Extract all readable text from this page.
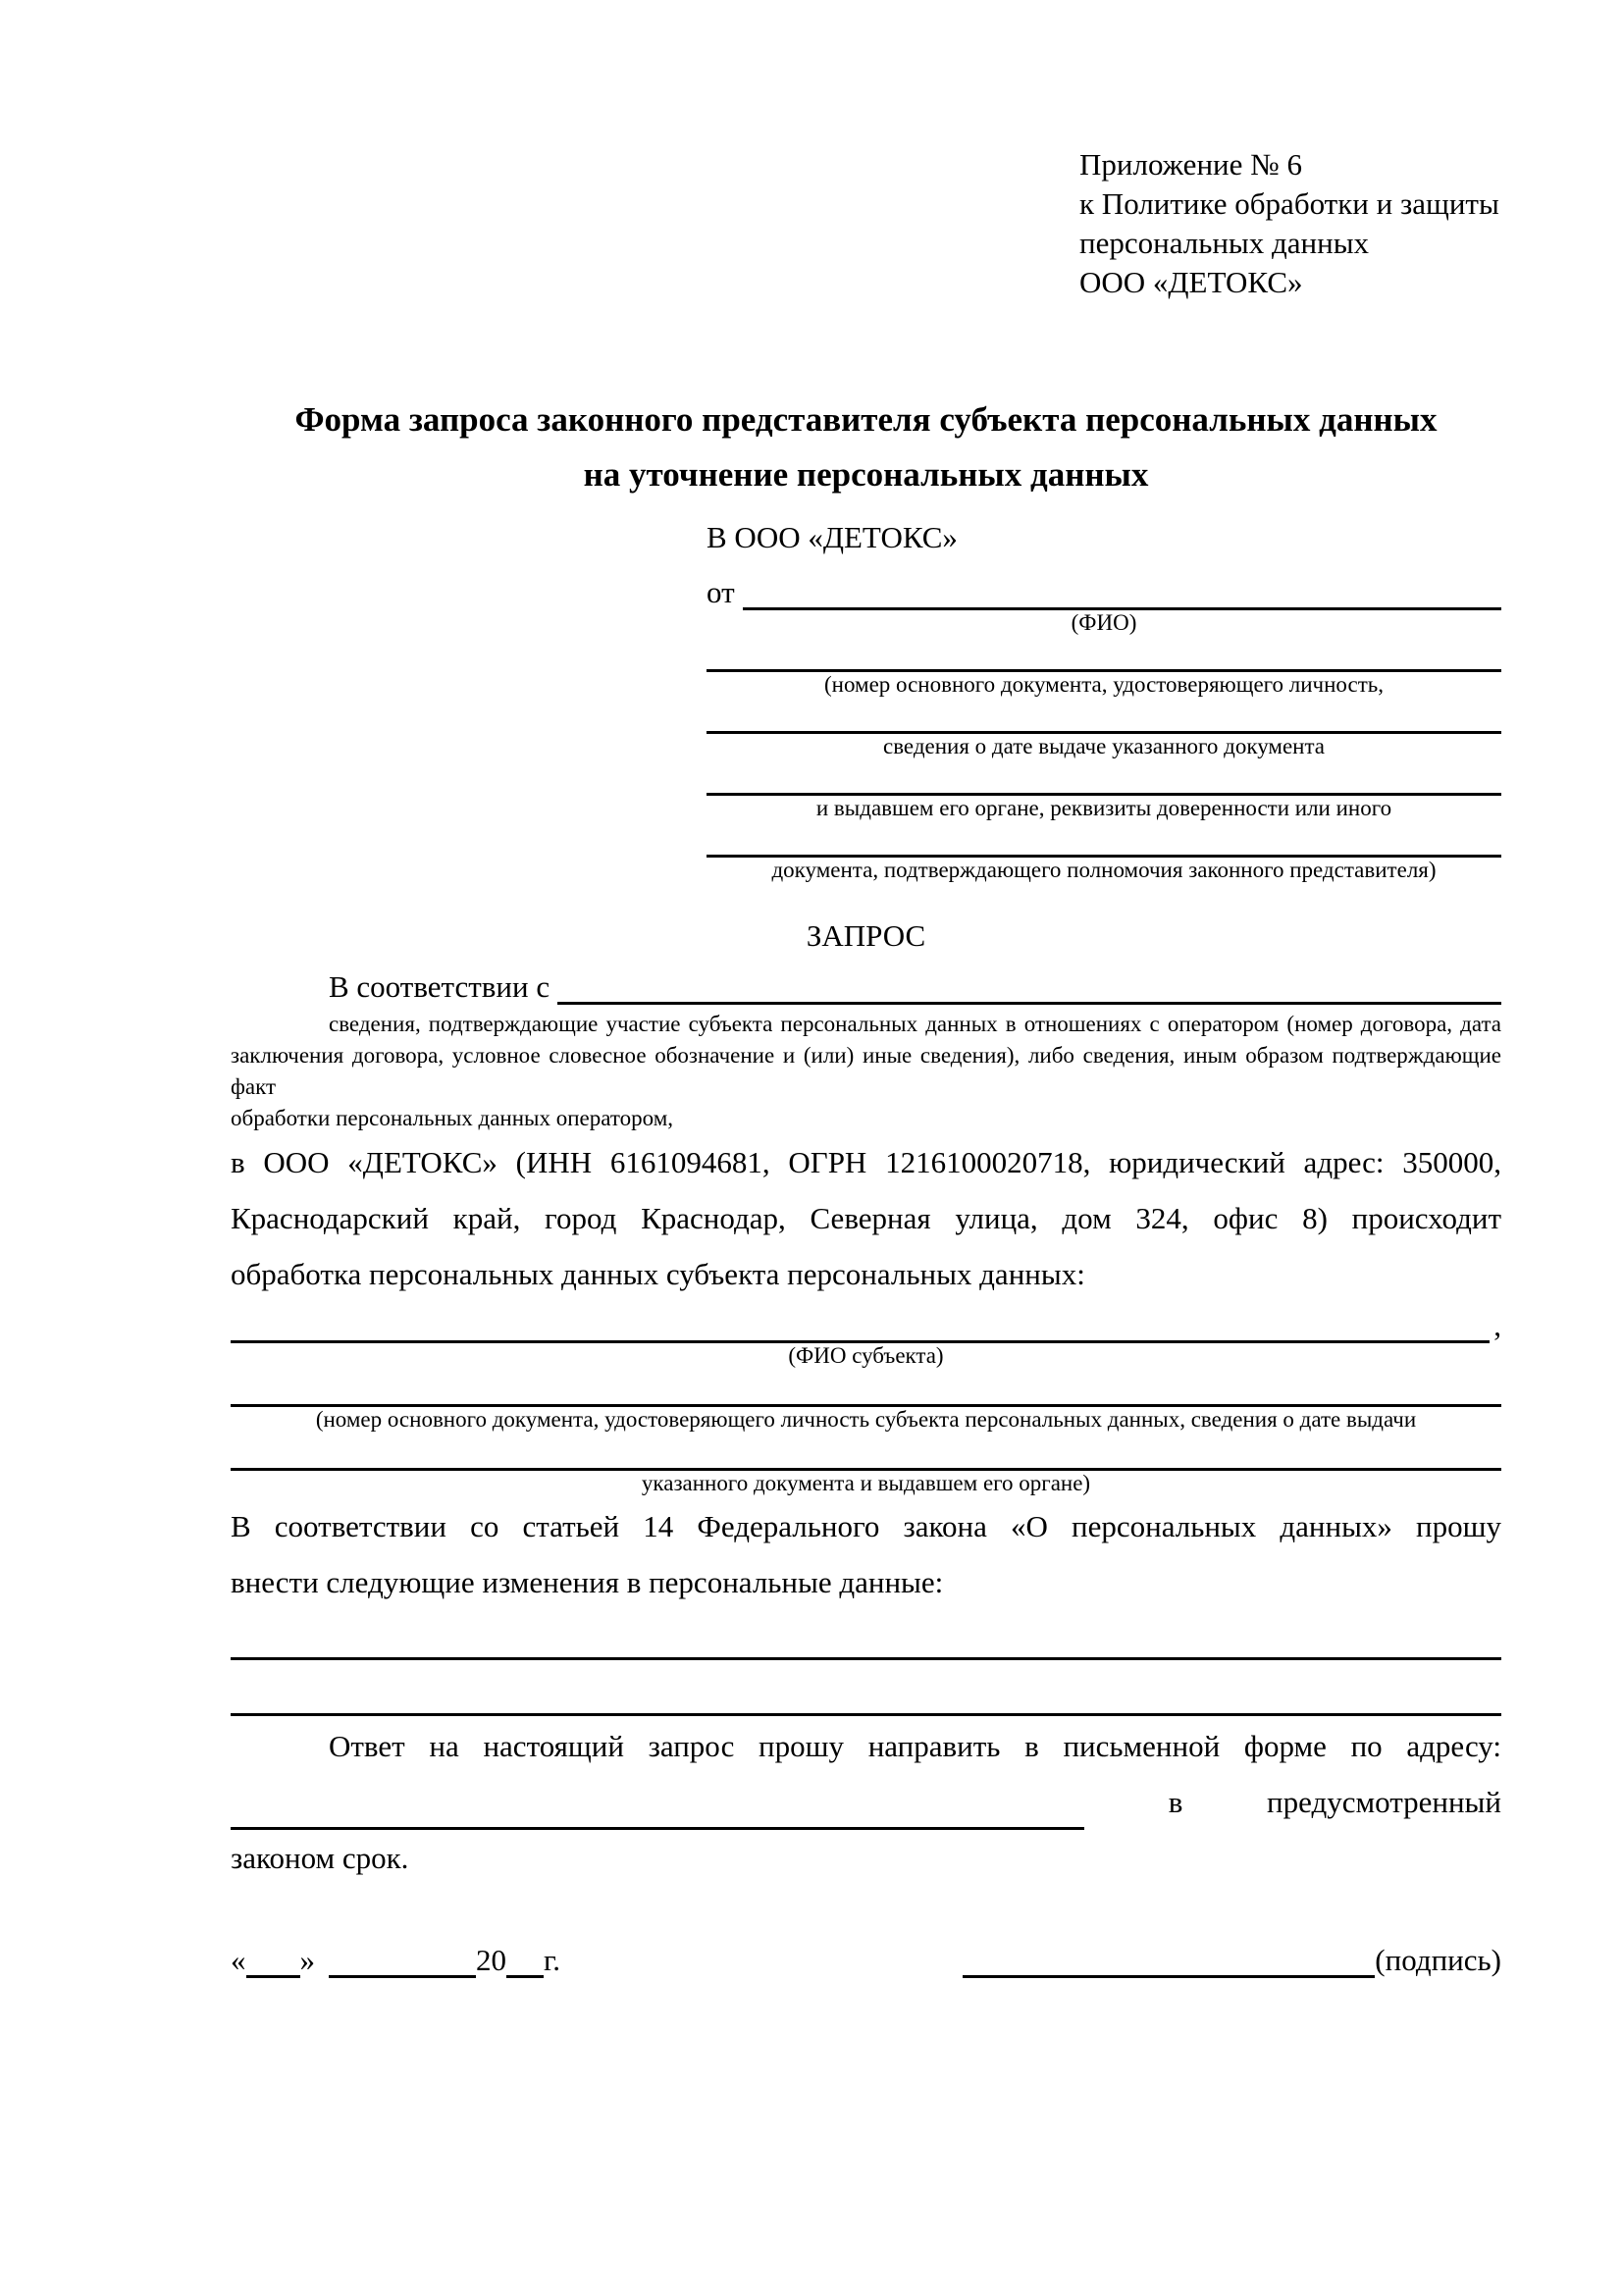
Приложение № 6
к Политике обработки и защиты
персональных данных
ООО «ДЕТОКС»
Форма запроса законного представителя субъекта персональных данных
на уточнение персональных данных
В ООО «ДЕТОКС»
от
(ФИО)
(номер основного документа, удостоверяющего личность,
сведения о дате выдаче указанного документа
и выдавшем его органе, реквизиты доверенности или иного
документа, подтверждающего полномочия законного представителя)
ЗАПРОС
В соответствии с
сведения, подтверждающие участие субъекта персональных данных в отношениях с оператором (номер договора, дата
заключения договора, условное словесное обозначение и (или) иные сведения), либо сведения, иным образом подтверждающие факт
обработки персональных данных оператором,
в ООО «ДЕТОКС» (ИНН 6161094681, ОГРН 1216100020718, юридический адрес: 350000,
Краснодарский край, город Краснодар, Северная улица, дом 324, офис 8) происходит
обработка персональных данных субъекта персональных данных:
,
(ФИО субъекта)
(номер основного документа, удостоверяющего личность субъекта персональных данных, сведения о дате выдачи
указанного документа и выдавшем его органе)
В соответствии со статьей 14 Федерального закона «О персональных данных» прошу
внести следующие изменения в персональные данные:
Ответ на настоящий запрос прошу направить в письменной форме по адресу:
в	предусмотренный
законом срок.
« »	20 г.	(подпись)
